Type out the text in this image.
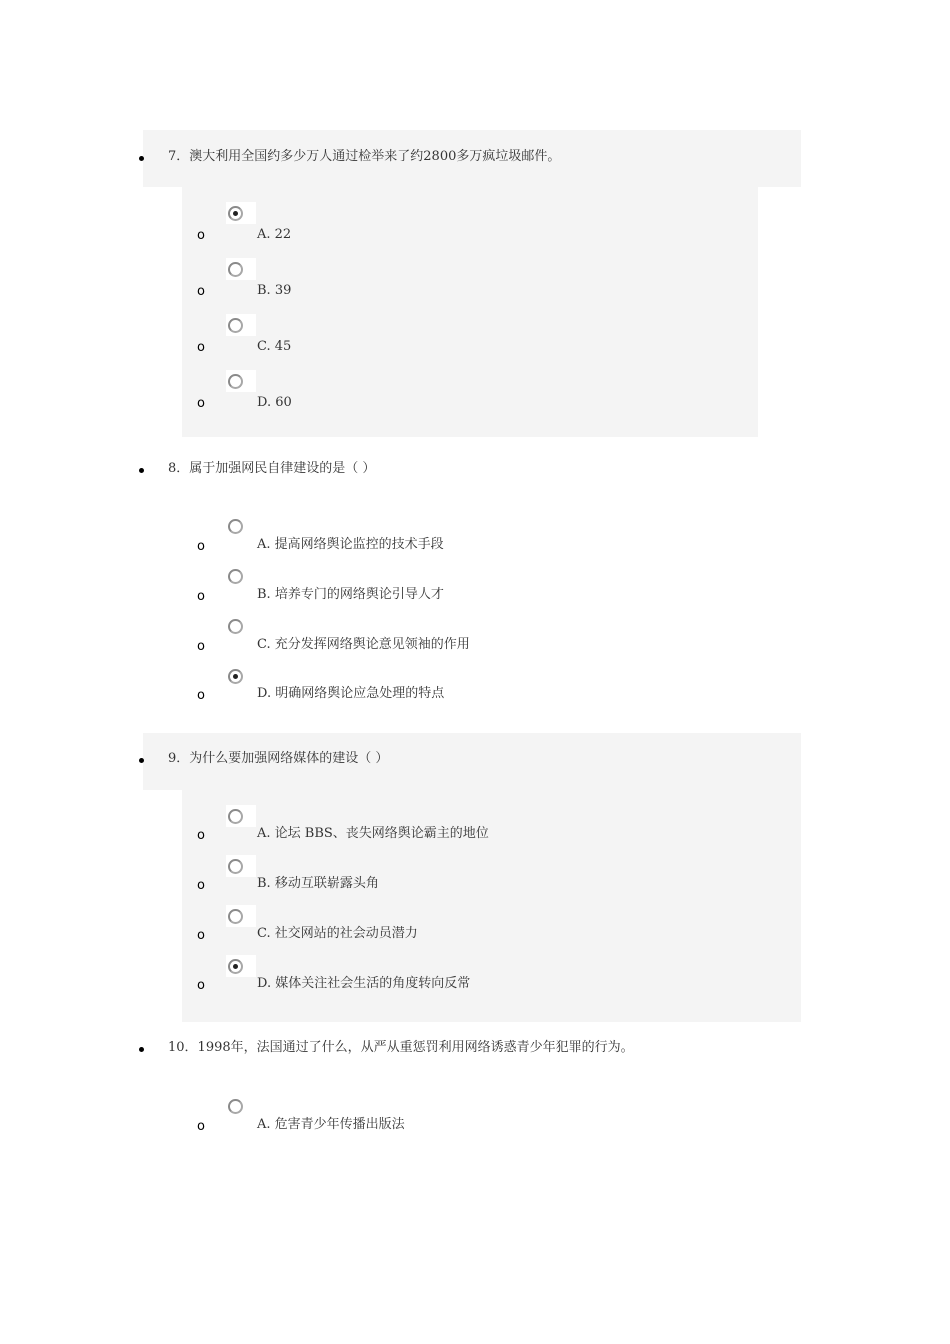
7．澳大利用全国约多少万人通过检举来了约2800多万疯垃圾邮件。
o	A. 22
o	B. 39
o	C. 45
o	D. 60
8．属于加强网民自律建设的是（ ）
o	A. 提高网络舆论监控的技术手段
o	B. 培养专门的网络舆论引导人才
o	C. 充分发挥网络舆论意见领袖的作用
o	D. 明确网络舆论应急处理的特点
9．为什么要加强网络媒体的建设（ ）
o	A. 论坛 BBS、丧失网络舆论霸主的地位
o	B. 移动互联崭露头角
o	C. 社交网站的社会动员潜力
o	D. 媒体关注社会生活的角度转向反常
10．1998年，法国通过了什么，从严从重惩罚利用网络诱惑青少年犯罪的行为。
o	A. 危害青少年传播出版法
